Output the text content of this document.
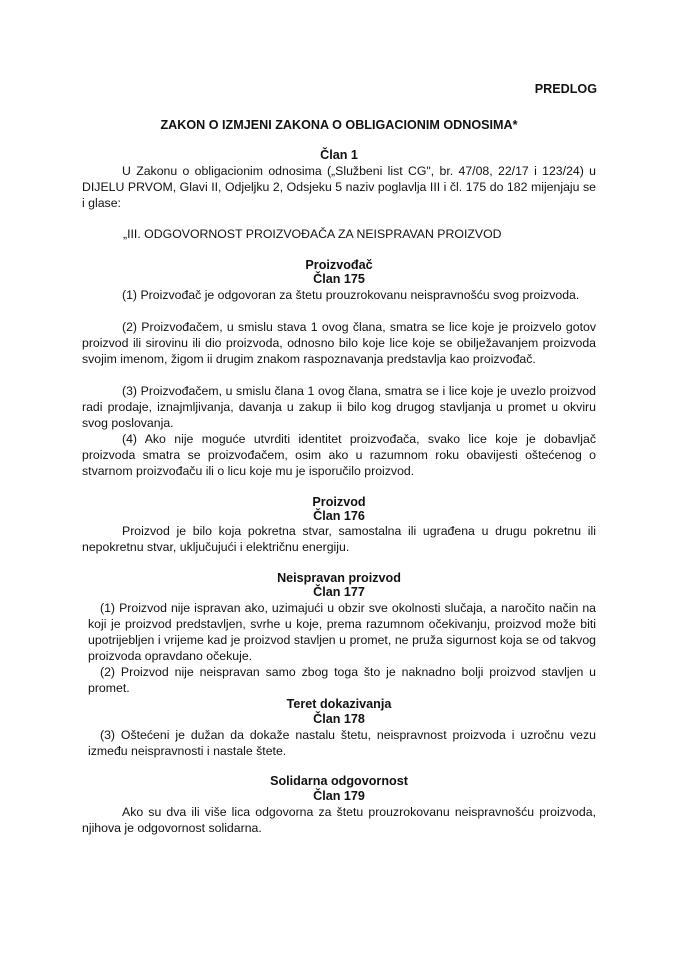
PREDLOG

ZAKON O IZMJENI ZAKONA O OBLIGACIONIM ODNOSIMA*

Član 1

U Zakonu o obligacionim odnosima („Službeni list CG", br. 47/08, 22/17 i 123/24) u DIJELU PRVOM, Glavi II, Odjeljku 2, Odsjeku 5 naziv poglavlja III i čl. 175 do 182 mijenjaju se i glase:

„III. ODGOVORNOST PROIZVOĐAČA ZA NEISPRAVAN PROIZVOD

Proizvođač

Član 175

(1) Proizvođač je odgovoran za štetu prouzrokovanu neispravnošću svog proizvoda.

(2) Proizvođačem, u smislu stava 1 ovog člana, smatra se lice koje je proizvelo gotov proizvod ili sirovinu ili dio proizvoda, odnosno bilo koje lice koje se obilježavanjem proizvoda svojim imenom, žigom ii drugim znakom raspoznavanja predstavlja kao proizvođač.

(3) Proizvođačem, u smislu člana 1 ovog člana, smatra se i lice koje je uvezlo proizvod radi prodaje, iznajmljivanja, davanja u zakup ii bilo kog drugog stavljanja u promet u okviru svog poslovanja.

(4) Ako nije moguće utvrditi identitet proizvođača, svako lice koje je dobavljač proizvoda smatra se proizvođačem, osim ako u razumnom roku obavijesti oštećenog o stvarnom proizvođaču ili o licu koje mu je isporučilo proizvod.

Proizvod

Član 176

Proizvod je bilo koja pokretna stvar, samostalna ili ugrađena u drugu pokretnu ili nepokretnu stvar, uključujući i električnu energiju.

Neispravan proizvod

Član 177

(1) Proizvod nije ispravan ako, uzimajući u obzir sve okolnosti slučaja, a naročito način na koji je proizvod predstavljen, svrhe u koje, prema razumnom očekivanju, proizvod može biti upotrijebljen i vrijeme kad je proizvod stavljen u promet, ne pruža sigurnost koja se od takvog proizvoda opravdano očekuje.

(2) Proizvod nije neispravan samo zbog toga što je naknadno bolji proizvod stavljen u promet.

Teret dokazivanja

Član 178

(3) Oštećeni je dužan da dokaže nastalu štetu, neispravnost proizvoda i uzročnu vezu između neispravnosti i nastale štete.

Solidarna odgovornost

Član 179

Ako su dva ili više lica odgovorna za štetu prouzrokovanu neispravnošću proizvoda, njihova je odgovornost solidarna.
